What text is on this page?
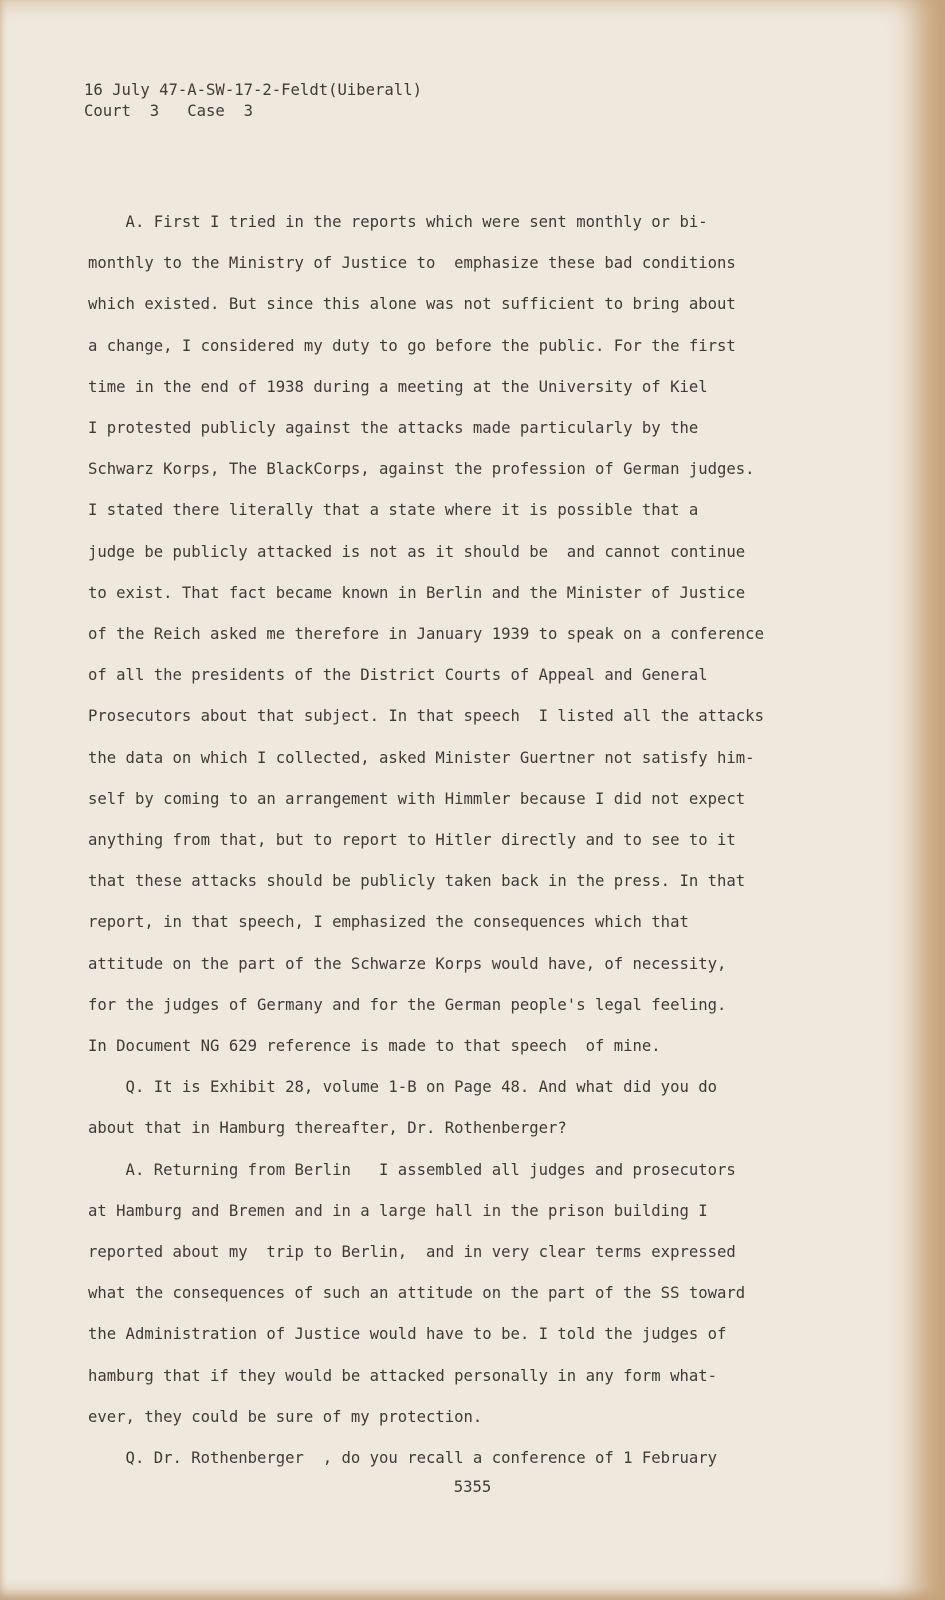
16 July 47-A-SW-17-2-Feldt(Uiberall)
Court  3   Case  3

A. First I tried in the reports which were sent monthly or bi-
monthly to the Ministry of Justice to  emphasize these bad conditions
which existed. But since this alone was not sufficient to bring about
a change, I considered my duty to go before the public. For the first
time in the end of 1938 during a meeting at the University of Kiel
I protested publicly against the attacks made particularly by the
Schwarz Korps, The BlackCorps, against the profession of German judges.
I stated there literally that a state where it is possible that a
judge be publicly attacked is not as it should be  and cannot continue
to exist. That fact became known in Berlin and the Minister of Justice
of the Reich asked me therefore in January 1939 to speak on a conference
of all the presidents of the District Courts of Appeal and General
Prosecutors about that subject. In that speech  I listed all the attacks
the data on which I collected, asked Minister Guertner not satisfy him-
self by coming to an arrangement with Himmler because I did not expect
anything from that, but to report to Hitler directly and to see to it
that these attacks should be publicly taken back in the press. In that
report, in that speech, I emphasized the consequences which that
attitude on the part of the Schwarze Korps would have, of necessity,
for the judges of Germany and for the German people's legal feeling.
In Document NG 629 reference is made to that speech  of mine.

Q. It is Exhibit 28, volume 1-B on Page 48. And what did you do
about that in Hamburg thereafter, Dr. Rothenberger?

A. Returning from Berlin   I assembled all judges and prosecutors
at Hamburg and Bremen and in a large hall in the prison building I
reported about my  trip to Berlin,  and in very clear terms expressed
what the consequences of such an attitude on the part of the SS toward
the Administration of Justice would have to be. I told the judges of
hamburg that if they would be attacked personally in any form what-
ever, they could be sure of my protection.

Q. Dr. Rothenberger  , do you recall a conference of 1 February

5355
